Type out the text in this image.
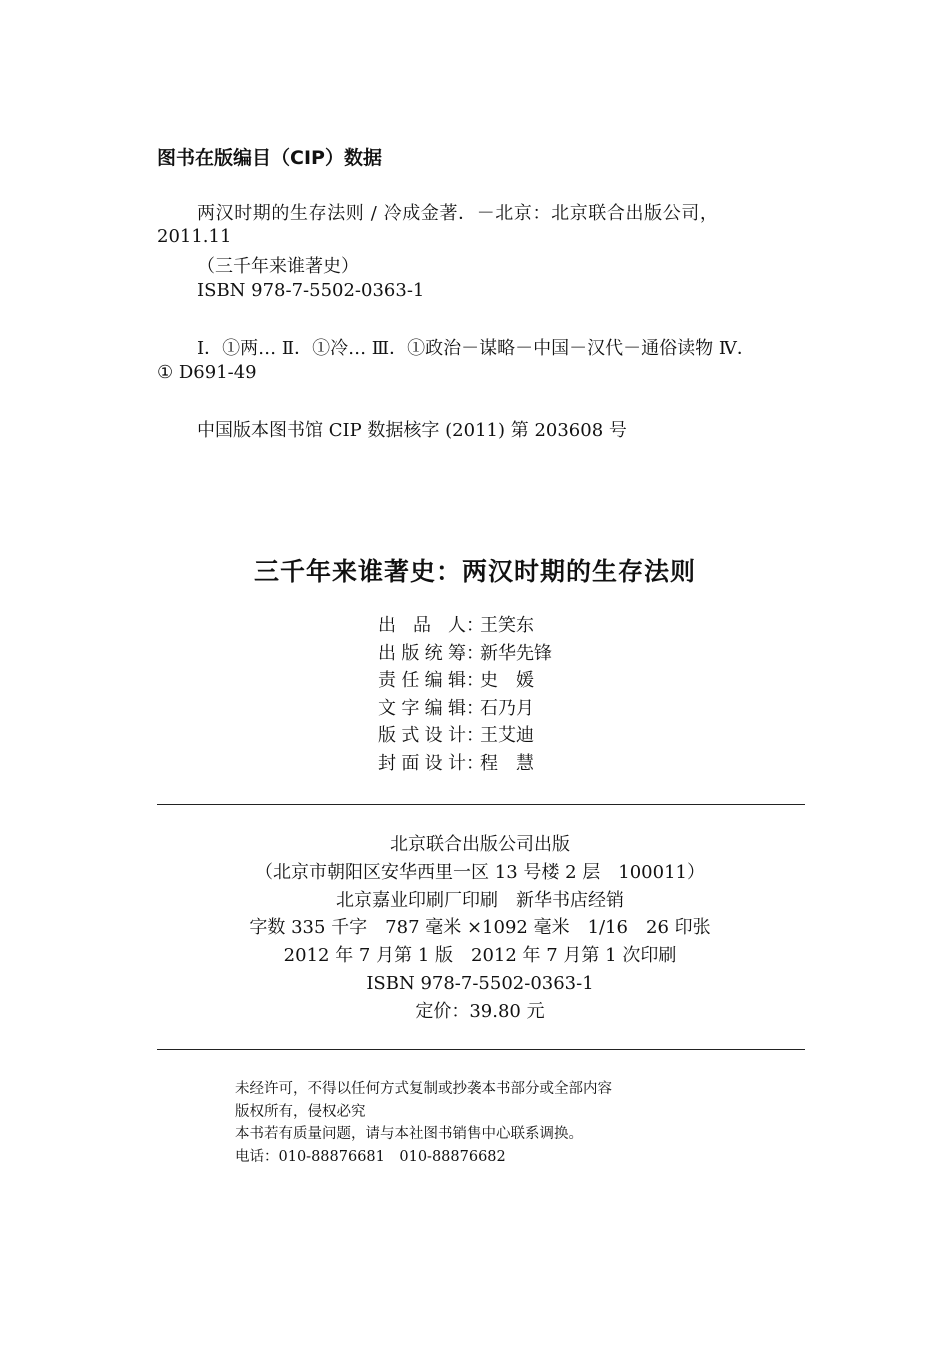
图书在版编目（CIP）数据
两汉时期的生存法则 / 冷成金著．－北京：北京联合出版公司，
2011.11
（三千年来谁著史）
ISBN 978-7-5502-0363-1
Ⅰ．①两… Ⅱ．①冷… Ⅲ．①政治－谋略－中国－汉代－通俗读物 Ⅳ．
① D691-49
中国版本图书馆 CIP 数据核字 (2011) 第 203608 号
三千年来谁著史：两汉时期的生存法则
出品人 ：
王笑东
出版统筹 ：
新华先锋
责任编辑 ：
史　媛
文字编辑 ：
石乃月
版式设计 ：
王艾迪
封面设计 ：
程　慧
北京联合出版公司出版
（北京市朝阳区安华西里一区 13 号楼 2 层　100011）
北京嘉业印刷厂印刷　新华书店经销
字数 335 千字　787 毫米 ×1092 毫米　1/16　26 印张
2012 年 7 月第 1 版　2012 年 7 月第 1 次印刷
ISBN 978-7-5502-0363-1
定价：39.80 元
未经许可，不得以任何方式复制或抄袭本书部分或全部内容
版权所有，侵权必究
本书若有质量问题，请与本社图书销售中心联系调换。
电话：010-88876681　010-88876682
